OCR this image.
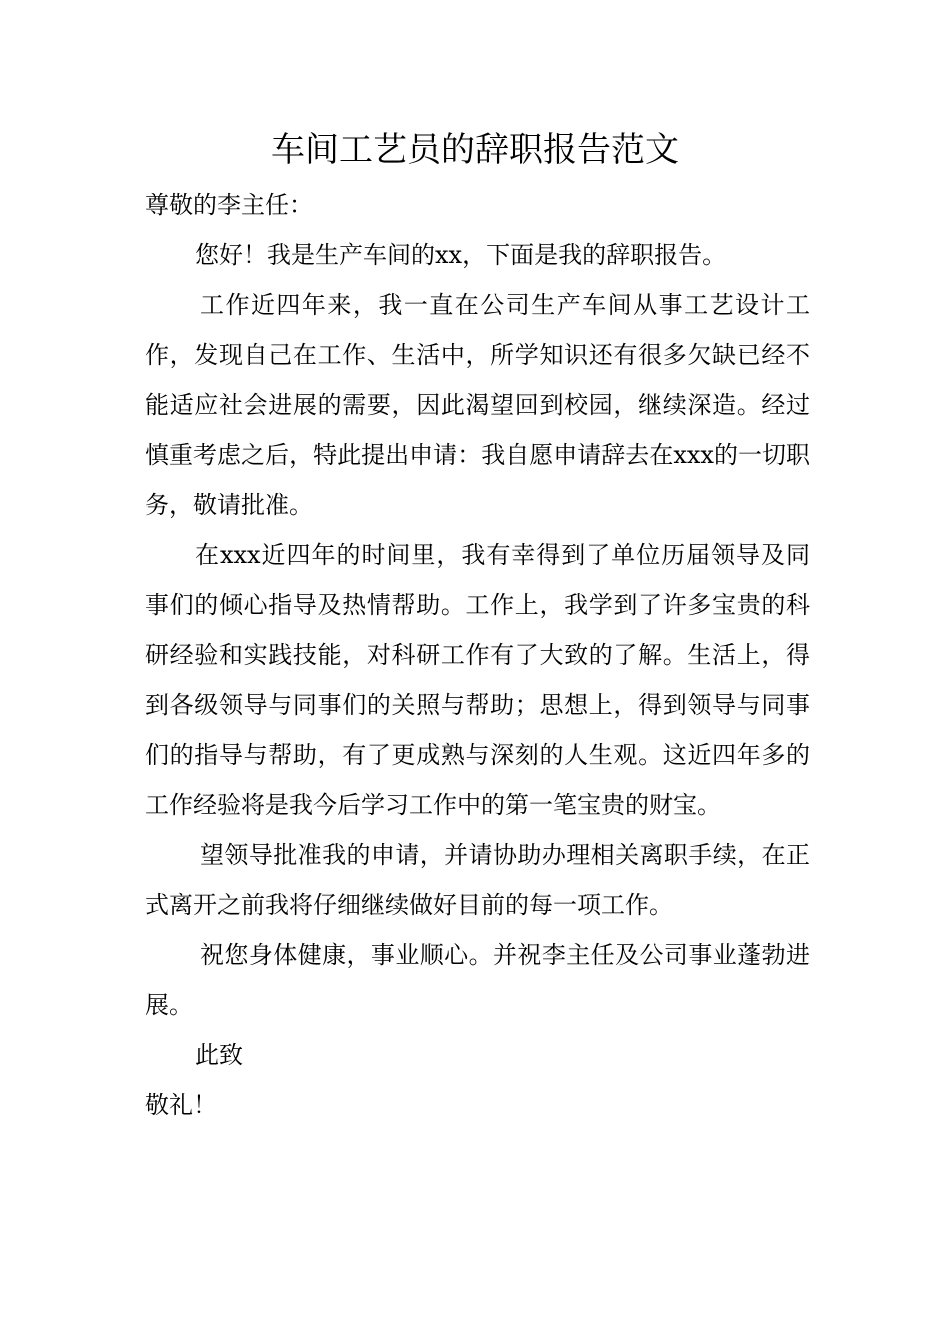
车间工艺员的辞职报告范文

尊敬的李主任：

您好！我是生产车间的xx，下面是我的辞职报告。

工作近四年来，我一直在公司生产车间从事工艺设计工作，发现自己在工作、生活中，所学知识还有很多欠缺已经不能适应社会进展的需要，因此渴望回到校园，继续深造。经过慎重考虑之后，特此提出申请：我自愿申请辞去在xxx的一切职务，敬请批准。

在xxx近四年的时间里，我有幸得到了单位历届领导及同事们的倾心指导及热情帮助。工作上，我学到了许多宝贵的科研经验和实践技能，对科研工作有了大致的了解。生活上，得到各级领导与同事们的关照与帮助；思想上，得到领导与同事们的指导与帮助，有了更成熟与深刻的人生观。这近四年多的工作经验将是我今后学习工作中的第一笔宝贵的财宝。

望领导批准我的申请，并请协助办理相关离职手续，在正式离开之前我将仔细继续做好目前的每一项工作。

祝您身体健康，事业顺心。并祝李主任及公司事业蓬勃进展。

此致

敬礼！
